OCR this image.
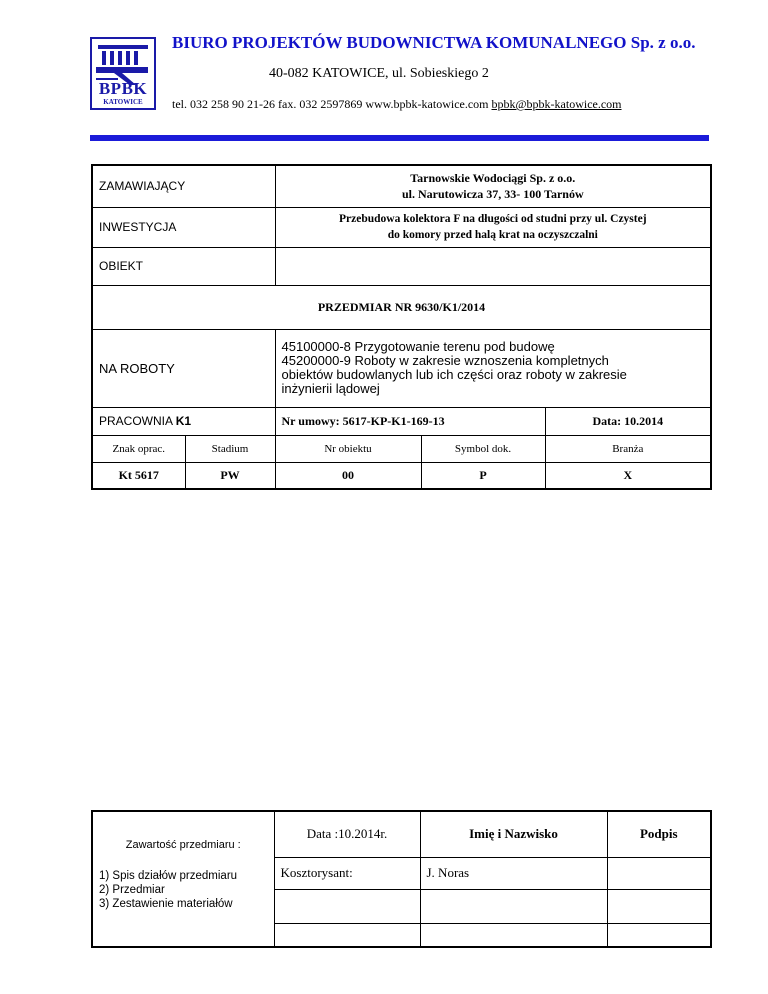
BPBK
KATOWICE
BIURO PROJEKTÓW BUDOWNICTWA KOMUNALNEGO Sp. z o.o.
40-082 KATOWICE, ul. Sobieskiego 2
tel. 032 258 90 21-26 fax. 032 2597869 www.bpbk-katowice.com bpbk@bpbk-katowice.com
ZAMAWIAJĄCY		Tarnowskie Wodociągi Sp. z o.o.
ul. Narutowicza 37, 33- 100 Tarnów		

INWESTYCJA		Przebudowa kolektora F na długości od studni przy ul. Czystej
do komory przed halą krat na oczyszczalni		

OBIEKT				
PRZEDMIAR NR 9630/K1/2014				
NA ROBOTY		45100000-8 Przygotowanie terenu pod budowę
45200000-9 Roboty w zakresie wznoszenia kompletnych
obiektów budowlanych lub ich części oraz roboty w zakresie
inżynierii lądowej		

PRACOWNIA K1		Nr umowy: 5617-KP-K1-169-13		Data: 10.2014
Znak oprac.	Stadium	Nr obiektu	Symbol dok.	Branża
Kt 5617	PW	00	P	X
Zawartość przedmiaru :	Data :10.2014r.	Imię i Nazwisko	Podpis

1) Spis działów przedmiaru
2) Przedmiar
3) Zestawienie materiałów	Kosztorysant:	J. Noras	
